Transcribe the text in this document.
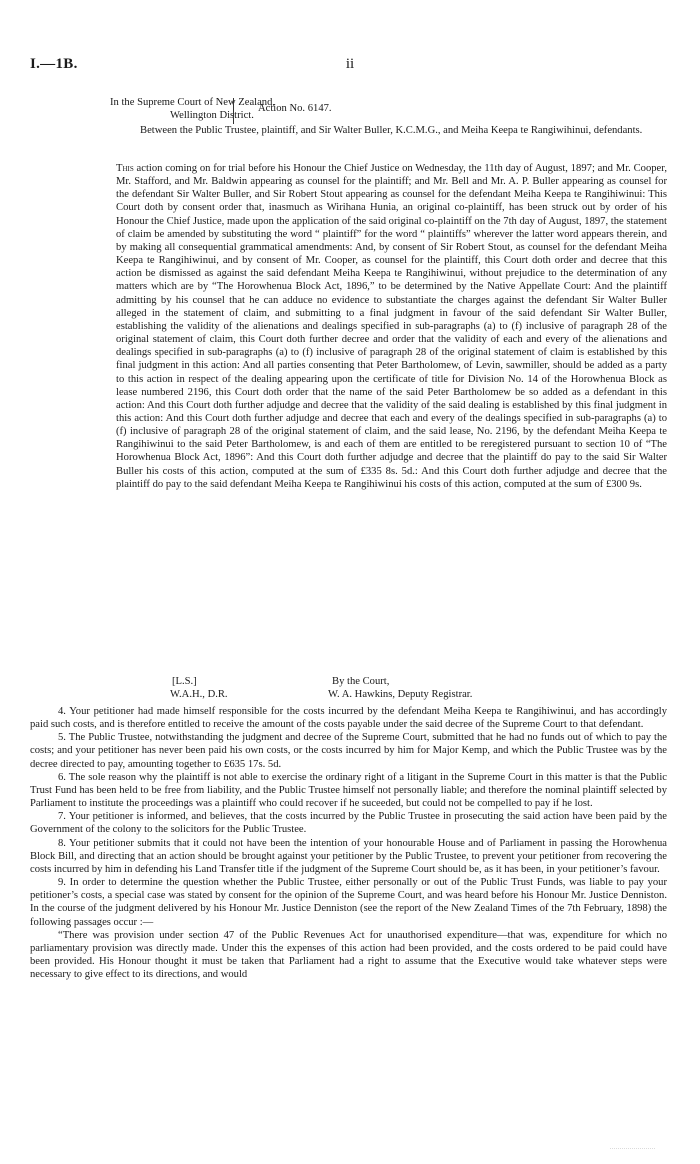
I.—1B.	ii
In the Supreme Court of New Zealand,
Wellington District.
Action No. 6147.
Between the Public Trustee, plaintiff, and Sir Walter Buller, K.C.M.G., and Meiha Keepa te Rangiwihinui, defendants.
This action coming on for trial before his Honour the Chief Justice on Wednesday, the 11th day of August, 1897; and Mr. Cooper, Mr. Stafford, and Mr. Baldwin appearing as counsel for the plaintiff; and Mr. Bell and Mr. A. P. Buller appearing as counsel for the defendant Sir Walter Buller, and Sir Robert Stout appearing as counsel for the defendant Meiha Keepa te Rangihiwinui: This Court doth by consent order that, inasmuch as Wirihana Hunia, an original co-plaintiff, has been struck out by order of his Honour the Chief Justice, made upon the application of the said original co-plaintiff on the 7th day of August, 1897, the statement of claim be amended by substituting the word “ plaintiff” for the word “ plaintiffs” wherever the latter word appears therein, and by making all consequential grammatical amendments: And, by consent of Sir Robert Stout, as counsel for the defendant Meiha Keepa te Rangihiwinui, and by consent of Mr. Cooper, as counsel for the plaintiff, this Court doth order and decree that this action be dismissed as against the said defendant Meiha Keepa te Rangihiwinui, without prejudice to the determination of any matters which are by “The Horowhenua Block Act, 1896,” to be determined by the Native Appellate Court: And the plaintiff admitting by his counsel that he can adduce no evidence to substantiate the charges against the defendant Sir Walter Buller alleged in the statement of claim, and submitting to a final judgment in favour of the said defendant Sir Walter Buller, establishing the validity of the alienations and dealings specified in sub-paragraphs (a) to (f) inclusive of paragraph 28 of the original statement of claim, this Court doth further decree and order that the validity of each and every of the alienations and dealings specified in sub-paragraphs (a) to (f) inclusive of paragraph 28 of the original statement of claim is established by this final judgment in this action: And all parties consenting that Peter Bartholomew, of Levin, sawmiller, should be added as a party to this action in respect of the dealing appearing upon the certificate of title for Division No. 14 of the Horowhenua Block as lease numbered 2196, this Court doth order that the name of the said Peter Bartholomew be so added as a defendant in this action: And this Court doth further adjudge and decree that the validity of the said dealing is established by this final judgment in this action: And this Court doth further adjudge and decree that each and every of the dealings specified in sub-paragraphs (a) to (f) inclusive of paragraph 28 of the original statement of claim, and the said lease, No. 2196, by the defendant Meiha Keepa te Rangihiwinui to the said Peter Bartholomew, is and each of them are entitled to be reregistered pursuant to section 10 of “The Horowhenua Block Act, 1896”: And this Court doth further adjudge and decree that the plaintiff do pay to the said Sir Walter Buller his costs of this action, computed at the sum of £335 8s. 5d.: And this Court doth further adjudge and decree that the plaintiff do pay to the said defendant Meiha Keepa te Rangihiwinui his costs of this action, computed at the sum of £300 9s.
[L.S.]	By the Court,
W.A.H., D.R.	W. A. Hawkins, Deputy Registrar.

4. Your petitioner had made himself responsible for the costs incurred by the defendant Meiha Keepa te Rangihiwinui, and has accordingly paid such costs, and is therefore entitled to receive the amount of the costs payable under the said decree of the Supreme Court to that defendant.

5. The Public Trustee, notwithstanding the judgment and decree of the Supreme Court, submitted that he had no funds out of which to pay the costs; and your petitioner has never been paid his own costs, or the costs incurred by him for Major Kemp, and which the Public Trustee was by the decree directed to pay, amounting together to £635 17s. 5d.

6. The sole reason why the plaintiff is not able to exercise the ordinary right of a litigant in the Supreme Court in this matter is that the Public Trust Fund has been held to be free from liability, and the Public Trustee himself not personally liable; and therefore the nominal plaintiff selected by Parliament to institute the proceedings was a plaintiff who could recover if he suceeded, but could not be compelled to pay if he lost.

7. Your petitioner is informed, and believes, that the costs incurred by the Public Trustee in prosecuting the said action have been paid by the Government of the colony to the solicitors for the Public Trustee.

8. Your petitioner submits that it could not have been the intention of your honourable House and of Parliament in passing the Horowhenua Block Bill, and directing that an action should be brought against your petitioner by the Public Trustee, to prevent your petitioner from recovering the costs incurred by him in defending his Land Transfer title if the judgment of the Supreme Court should be, as it has been, in your petitioner’s favour.

9. In order to determine the question whether the Public Trustee, either personally or out of the Public Trust Funds, was liable to pay your petitioner’s costs, a special case was stated by consent for the opinion of the Supreme Court, and was heard before his Honour Mr. Justice Denniston. In the course of the judgment delivered by his Honour Mr. Justice Denniston (see the report of the New Zealand Times of the 7th February, 1898) the following passages occur :—

“There was provision under section 47 of the Public Revenues Act for unauthorised expenditure—that was, expenditure for which no parliamentary provision was directly made. Under this the expenses of this action had been provided, and the costs ordered to be paid could have been provided. His Honour thought it must be taken that Parliament had a right to assume that the Executive would take whatever steps were necessary to give effect to its directions, and would
